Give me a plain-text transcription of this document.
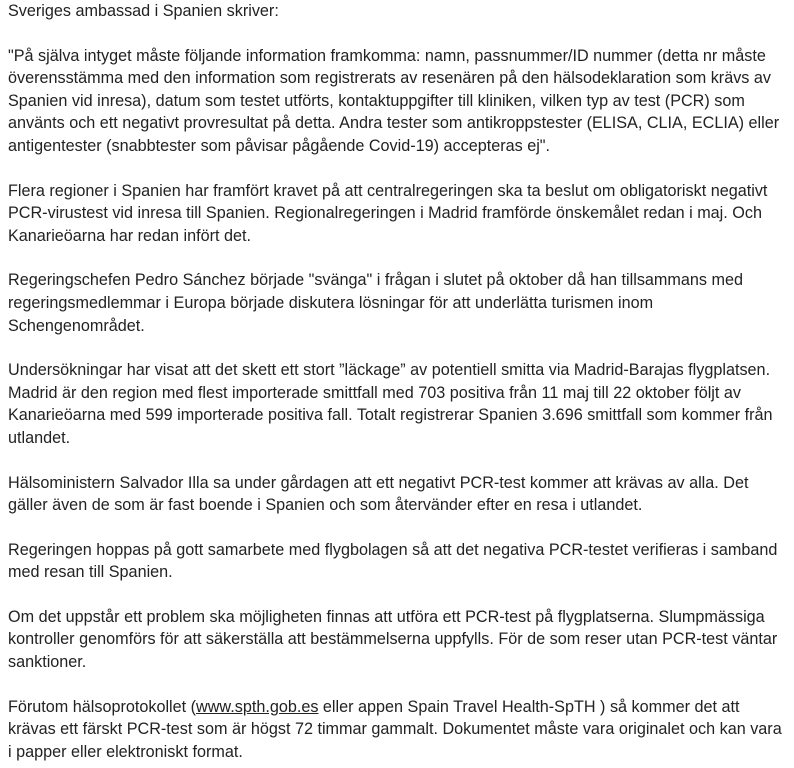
Sveriges ambassad i Spanien skriver:

"På själva intyget måste följande information framkomma: namn, passnummer/ID nummer (detta nr måste överensstämma med den information som registrerats av resenären på den hälsodeklaration som krävs av Spanien vid inresa), datum som testet utförts, kontaktuppgifter till kliniken, vilken typ av test (PCR) som använts och ett negativt provresultat på detta. Andra tester som antikroppstester (ELISA, CLIA, ECLIA) eller antigentester (snabbtester som påvisar pågående Covid-19) accepteras ej".

Flera regioner i Spanien har framfört kravet på att centralregeringen ska ta beslut om obligatoriskt negativt PCR-virustest vid inresa till Spanien. Regionalregeringen i Madrid framförde önskemålet redan i maj. Och Kanarieöarna har redan infört det.

Regeringschefen Pedro Sánchez började "svänga" i frågan i slutet på oktober då han tillsammans med regeringsmedlemmar i Europa började diskutera lösningar för att underlätta turismen inom Schengenområdet.

Undersökningar har visat att det skett ett stort ”läckage” av potentiell smitta via Madrid-Barajas flygplatsen. Madrid är den region med flest importerade smittfall med 703 positiva från 11 maj till 22 oktober följt av Kanarieöarna med 599 importerade positiva fall. Totalt registrerar Spanien 3.696 smittfall som kommer från utlandet.

Hälsoministern Salvador Illa sa under gårdagen att ett negativt PCR-test kommer att krävas av alla. Det gäller även de som är fast boende i Spanien och som återvänder efter en resa i utlandet.

Regeringen hoppas på gott samarbete med flygbolagen så att det negativa PCR-testet verifieras i samband med resan till Spanien.

Om det uppstår ett problem ska möjligheten finnas att utföra ett PCR-test på flygplatserna. Slumpmässiga kontroller genomförs för att säkerställa att bestämmelserna uppfylls. För de som reser utan PCR-test väntar sanktioner.

Förutom hälsoprotokollet (www.spth.gob.es eller appen Spain Travel Health-SpTH ) så kommer det att krävas ett färskt PCR-test som är högst 72 timmar gammalt. Dokumentet måste vara originalet och kan vara i papper eller elektroniskt format.
